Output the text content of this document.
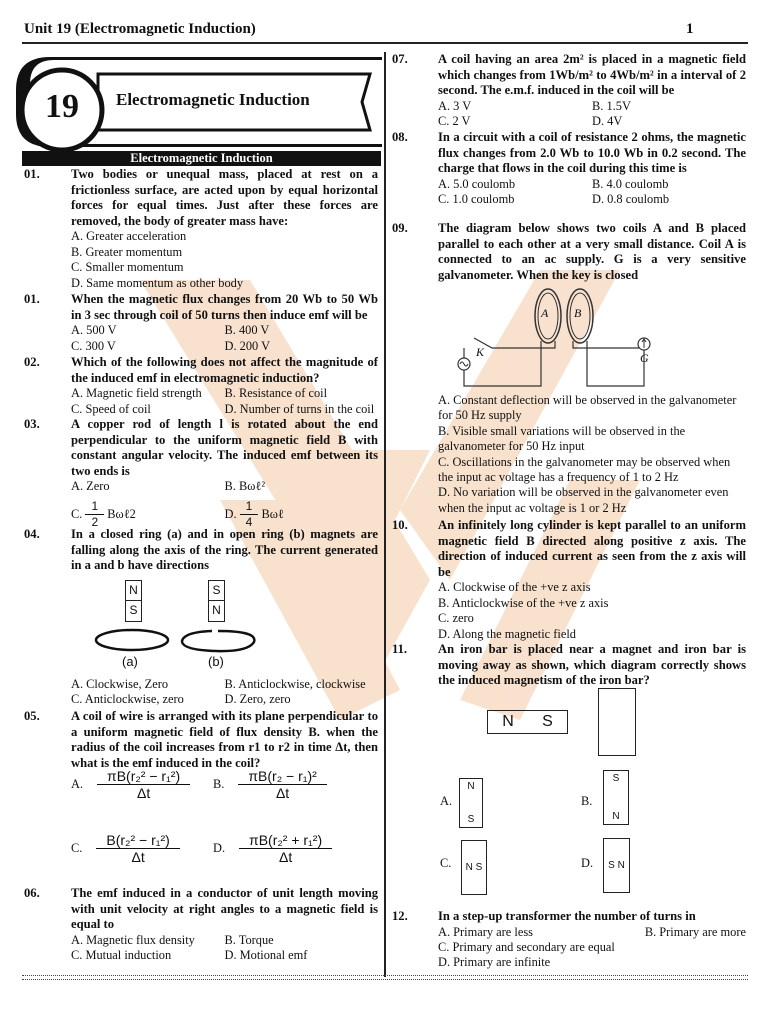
Unit 19 (Electromagnetic Induction)	1
19	Electromagnetic Induction
Electromagnetic Induction
01. Two bodies or unequal mass, placed at rest on a frictionless surface, are acted upon by equal horizontal forces for equal times. Just after these forces are removed, the body of greater mass have:
A. Greater acceleration
B. Greater momentum
C. Smaller momentum
D. Same momentum as other body
01. When the magnetic flux changes from 20 Wb to 50 Wb in 3 sec through coil of 50 turns then induce emf will be
A. 500 V	B. 400 V
C. 300 V	D. 200 V
02. Which of the following does not affect the magnitude of the induced emf in electromagnetic induction?
A. Magnetic field strength	B. Resistance of coil
C. Speed of coil	D. Number of turns in the coil
03. A copper rod of length l is rotated about the end perpendicular to the uniform magnetic field B with constant angular velocity. The induced emf between its two ends is
A. Zero	B. Bωℓ²
C. $\frac{1}{2}$ Bωℓ2	D. $\frac{1}{4}$ Bωℓ
04. In a closed ring (a) and in open ring (b) magnets are falling along the axis of the ring. The current generated in a and b have directions
N
S
S
N
(a)	(b)
A. Clockwise, Zero	B. Anticlockwise, clockwise
C. Anticlockwise, zero	D. Zero, zero
05. A coil of wire is arranged with its plane perpendicular to a uniform magnetic field of flux density B. when the radius of the coil increases from r1 to r2 in time Δt, then what is the emf induced in the coil?
A. $\frac{\text{πB(r₂² − r₁²)}}{\Delta t} B$. $\frac{\text{πB(r₂ − r₁)²}}{\Delta t}$
C. $\frac{\text{B(r₂² − r₁²)}}{\Delta t}$	D. $\frac{\text{πB(r₂² + r₁²)}}{\Delta t}$
06. The emf induced in a conductor of unit length moving with unit velocity at right angles to a magnetic field is equal to
A. Magnetic flux density	B. Torque
C. Mutual induction	D. Motional emf
07. A coil having an area 2m² is placed in a magnetic field which changes from 1Wb/m² to 4Wb/m² in a interval of 2 second. The e.m.f. induced in the coil will be
A. 3 V	B. 1.5V
C. 2 V	D. 4V
08. In a circuit with a coil of resistance 2 ohms, the magnetic flux changes from 2.0 Wb to 10.0 Wb in 0.2 second. The charge that flows in the coil during this time is
A. 5.0 coulomb	B. 4.0 coulomb
C. 1.0 coulomb	D. 0.8 coulomb
09. The diagram below shows two coils A and B placed parallel to each other at a very small distance. Coil A is connected to an ac supply. G is a very sensitive galvanometer. When the key is closed
A B
K	G
A. Constant deflection will be observed in the galvanometer for 50 Hz supply
B. Visible small variations will be observed in the galvanometer for 50 Hz input
C. Oscillations in the galvanometer may be observed when the input ac voltage has a frequency of 1 to 2 Hz
D. No variation will be observed in the galvanometer even when the input ac voltage is 1 or 2 Hz
10. An infinitely long cylinder is kept parallel to an uniform magnetic field B directed along positive z axis. The direction of induced current as seen from the z axis will be
A. Clockwise of the +ve z axis
B. Anticlockwise of the +ve z axis
C. zero
D. Along the magnetic field
11. An iron bar is placed near a magnet and iron bar is moving away as shown, which diagram correctly shows the induced magnetism of the iron bar?
N S
A.
N
S
B.
S
N
C.	N S	D.	S N
12. In a step-up transformer the number of turns in
A. Primary are less	B. Primary are more
C. Primary and secondary are equal
D. Primary are infinite
